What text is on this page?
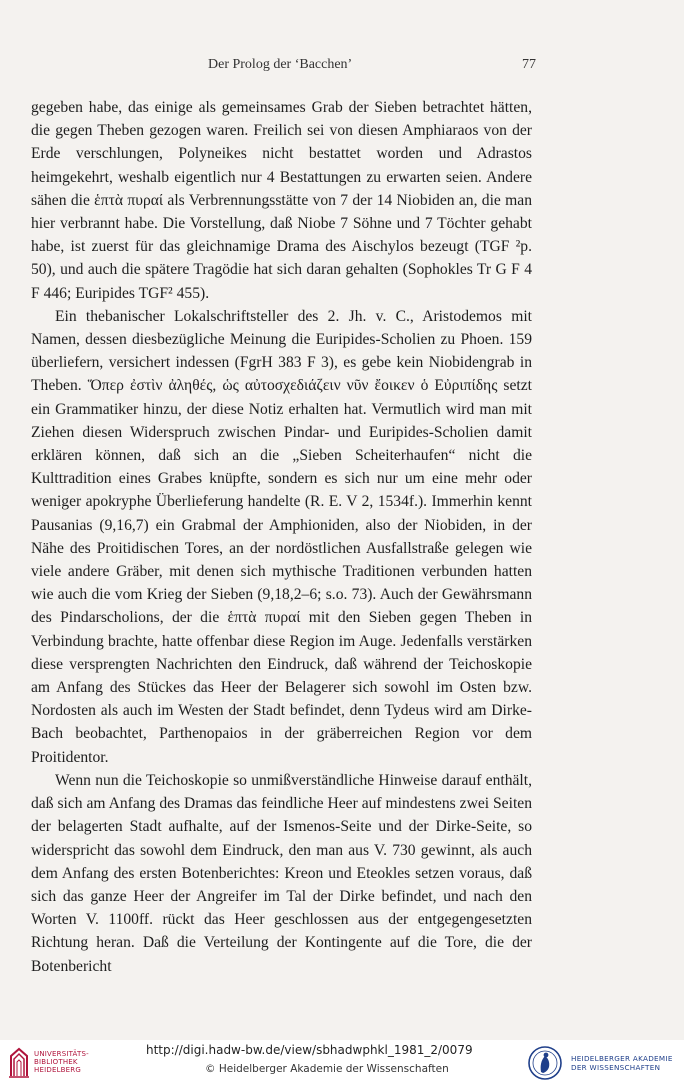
Der Prolog der ‘Bacchen’	77

gegeben habe, das einige als gemeinsames Grab der Sieben betrachtet hätten, die gegen Theben gezogen waren. Freilich sei von diesen Amphiaraos von der Erde verschlungen, Polyneikes nicht bestattet worden und Adrastos heimgekehrt, weshalb eigentlich nur 4 Bestattungen zu erwarten seien. Andere sähen die ἑπτὰ πυραί als Verbrennungsstätte von 7 der 14 Niobiden an, die man hier verbrannt habe. Die Vorstellung, daß Niobe 7 Söhne und 7 Töchter gehabt habe, ist zuerst für das gleichnamige Drama des Aischylos bezeugt (TGF ²p. 50), und auch die spätere Tragödie hat sich daran gehalten (Sophokles Tr G F 4 F 446; Euripides TGF² 455).

Ein thebanischer Lokalschriftsteller des 2. Jh. v. C., Aristodemos mit Namen, dessen diesbezügliche Meinung die Euripides-Scholien zu Phoen. 159 überliefern, versichert indessen (FgrH 383 F 3), es gebe kein Niobidengrab in Theben. Ὅπερ ἐστὶν ἀληθές, ὡς αὐτοσχεδιάζειν νῦν ἔοικεν ὁ Εὐριπίδης setzt ein Grammatiker hinzu, der diese Notiz erhalten hat. Vermutlich wird man mit Ziehen diesen Widerspruch zwischen Pindar- und Euripides-Scholien damit erklären können, daß sich an die „Sieben Scheiterhaufen“ nicht die Kulttradition eines Grabes knüpfte, sondern es sich nur um eine mehr oder weniger apokryphe Überlieferung handelte (R. E. V 2, 1534f.). Immerhin kennt Pausanias (9,16,7) ein Grabmal der Amphioniden, also der Niobiden, in der Nähe des Proitidischen Tores, an der nordöstlichen Ausfallstraße gelegen wie viele andere Gräber, mit denen sich mythische Traditionen verbunden hatten wie auch die vom Krieg der Sieben (9,18,2–6; s.o. 73). Auch der Gewährsmann des Pindarscholions, der die ἑπτὰ πυραί mit den Sieben gegen Theben in Verbindung brachte, hatte offenbar diese Region im Auge. Jedenfalls verstärken diese versprengten Nachrichten den Eindruck, daß während der Teichoskopie am Anfang des Stückes das Heer der Belagerer sich sowohl im Osten bzw. Nordosten als auch im Westen der Stadt befindet, denn Tydeus wird am Dirke-Bach beobachtet, Parthenopaios in der gräberreichen Region vor dem Proitidentor.

Wenn nun die Teichoskopie so unmißverständliche Hinweise darauf enthält, daß sich am Anfang des Dramas das feindliche Heer auf mindestens zwei Seiten der belagerten Stadt aufhalte, auf der Ismenos-Seite und der Dirke-Seite, so widerspricht das sowohl dem Eindruck, den man aus V. 730 gewinnt, als auch dem Anfang des ersten Botenberichtes: Kreon und Eteokles setzen voraus, daß sich das ganze Heer der Angreifer im Tal der Dirke befindet, und nach den Worten V. 1100ff. rückt das Heer geschlossen aus der entgegengesetzten Richtung heran. Daß die Verteilung der Kontingente auf die Tore, die der Botenbericht

UNIVERSITÄTS-
BIBLIOTHEK
HEIDELBERG
http://digi.hadw-bw.de/view/sbhadwphkl_1981_2/0079
© Heidelberger Akademie der Wissenschaften
HEIDELBERGER AKADEMIE
DER WISSENSCHAFTEN
